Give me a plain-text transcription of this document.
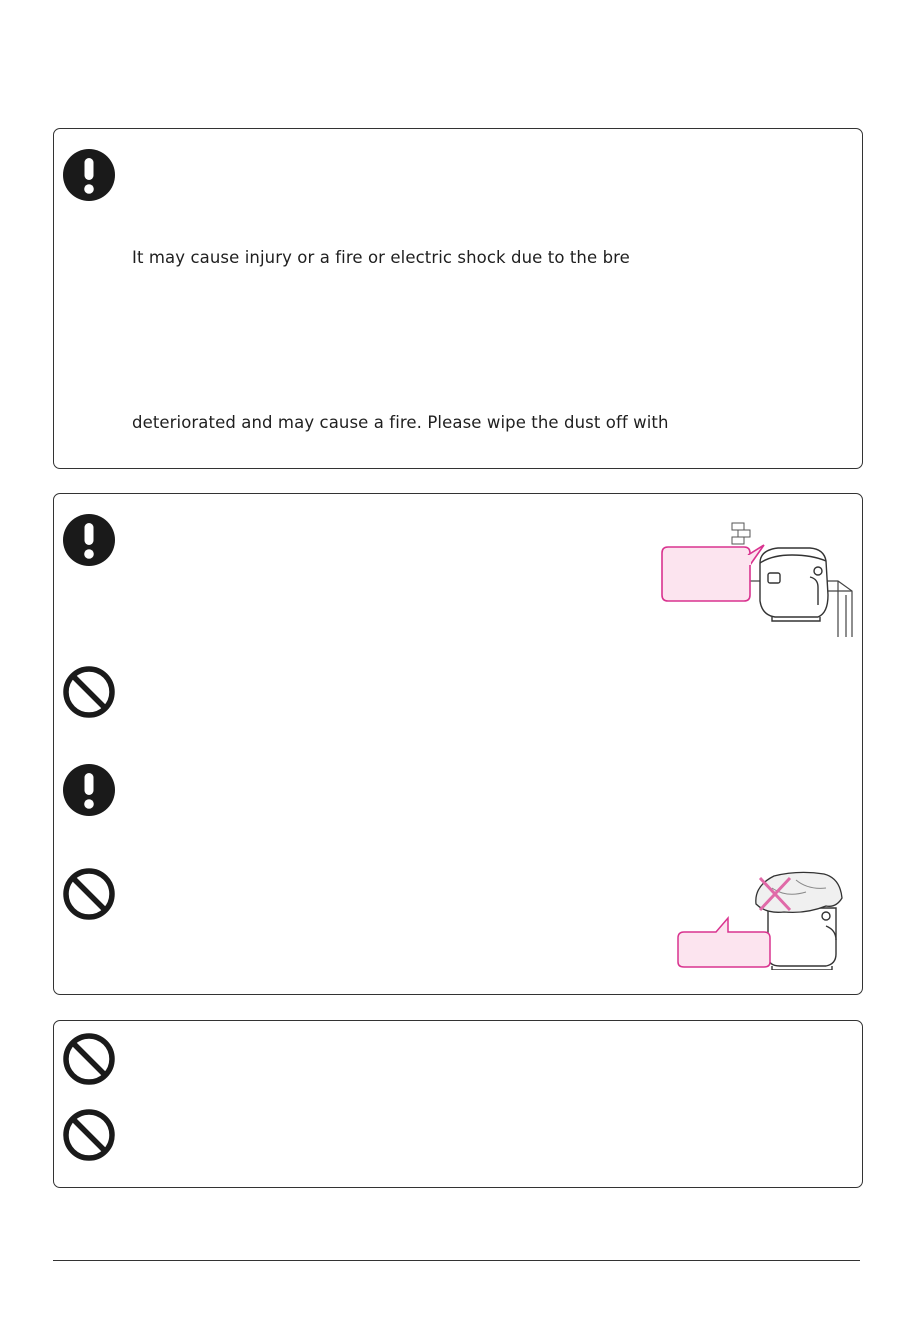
It may cause injury or a fire or electric shock due to the bre
deteriorated and may cause a fire. Please wipe the dust off with
